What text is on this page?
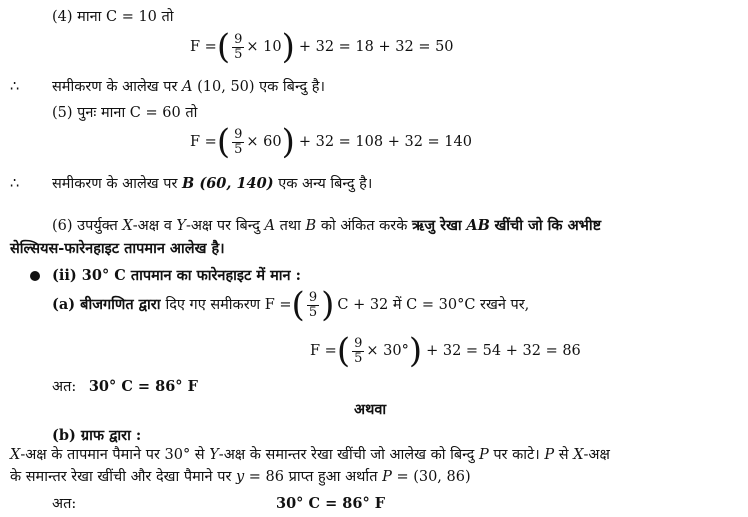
(4) माना C = 10 तो
F = ( $\frac{9}{5} \times 10$ ) + 32 = 18 + 32 = 50
∴ समीकरण के आलेख पर A (10, 50) एक बिन्दु है।
(5) पुनः माना C = 60 तो
F = ( $\frac{9}{5} \times 60$ ) + 32 = 108 + 32 = 140
∴ समीकरण के आलेख पर B (60, 140) एक अन्य बिन्दु है।
(6) उपर्युक्त X-अक्ष व Y-अक्ष पर बिन्दु A तथा B को अंकित करके ऋजु रेखा AB खींची जो कि अभीष्ट
सेल्सियस-फारेनहाइट तापमान आलेख है।
(ii) 30° C तापमान का फारेनहाइट में मान :
(a) बीजगणित द्वारा दिए गए समीकरण F = ( $\frac{9}{5}$ ) C + 32 में C = 30°C रखने पर,
F = ( $\frac{9}{5} \times 30^\circ$ ) + 32 = 54 + 32 = 86
अत: 30° C = 86° F
अथवा
(b) ग्राफ द्वारा :
X-अक्ष के तापमान पैमाने पर 30° से Y-अक्ष के समान्तर रेखा खींची जो आलेख को बिन्दु P पर काटे। P से X-अक्ष
के समान्तर रेखा खींची और देखा पैमाने पर y = 86 प्राप्त हुआ अर्थात P = (30, 86)
अत:	30° C = 86° F
